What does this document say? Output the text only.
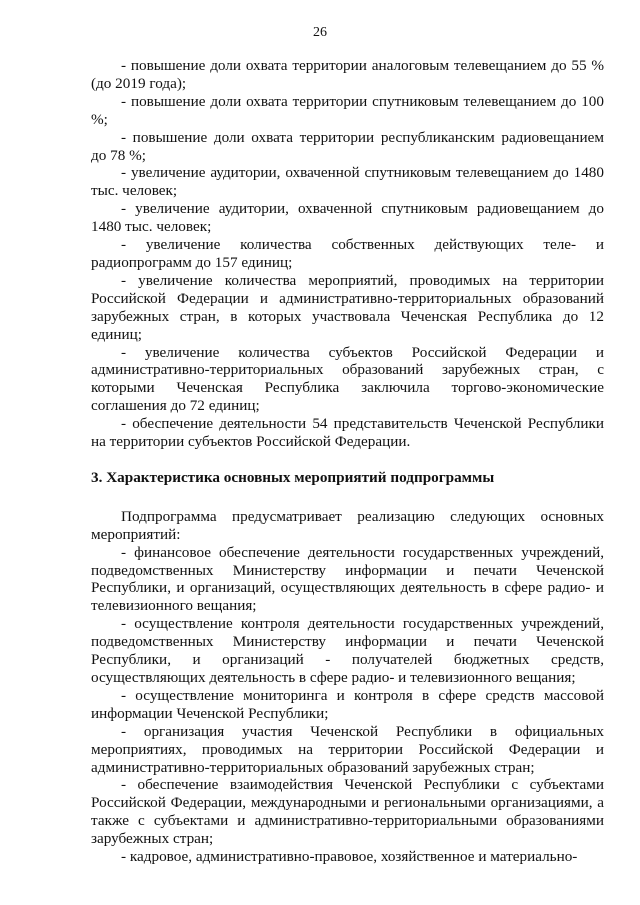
26

- повышение доли охвата территории аналоговым телевещанием до 55 % (до 2019 года);

- повышение доли охвата территории спутниковым телевещанием до 100 %;

- повышение доли охвата территории республиканским радиовещанием до 78 %;

- увеличение аудитории, охваченной спутниковым телевещанием до 1480 тыс. человек;

- увеличение аудитории, охваченной спутниковым радиовещанием до 1480 тыс. человек;

- увеличение количества собственных действующих теле- и радиопрограмм до 157 единиц;

- увеличение количества мероприятий, проводимых на территории Российской Федерации и административно-территориальных образований зарубежных стран, в которых участвовала Чеченская Республика до 12 единиц;

- увеличение количества субъектов Российской Федерации и административно-территориальных образований зарубежных стран, с которыми Чеченская Республика заключила торгово-экономические соглашения до 72 единиц;

- обеспечение деятельности 54 представительств Чеченской Республики на территории субъектов Российской Федерации.

3. Характеристика основных мероприятий подпрограммы

Подпрограмма предусматривает реализацию следующих основных мероприятий:

- финансовое обеспечение деятельности государственных учреждений, подведомственных Министерству информации и печати Чеченской Республики, и организаций, осуществляющих деятельность в сфере радио- и телевизионного вещания;

- осуществление контроля деятельности государственных учреждений, подведомственных Министерству информации и печати Чеченской Республики, и организаций - получателей бюджетных средств, осуществляющих деятельность в сфере радио- и телевизионного вещания;

- осуществление мониторинга и контроля в сфере средств массовой информации Чеченской Республики;

- организация участия Чеченской Республики в официальных мероприятиях, проводимых на территории Российской Федерации и административно-территориальных образований зарубежных стран;

- обеспечение взаимодействия Чеченской Республики с субъектами Российской Федерации, международными и региональными организациями, а также с субъектами и административно-территориальными образованиями зарубежных стран;

- кадровое, административно-правовое, хозяйственное и материально-
